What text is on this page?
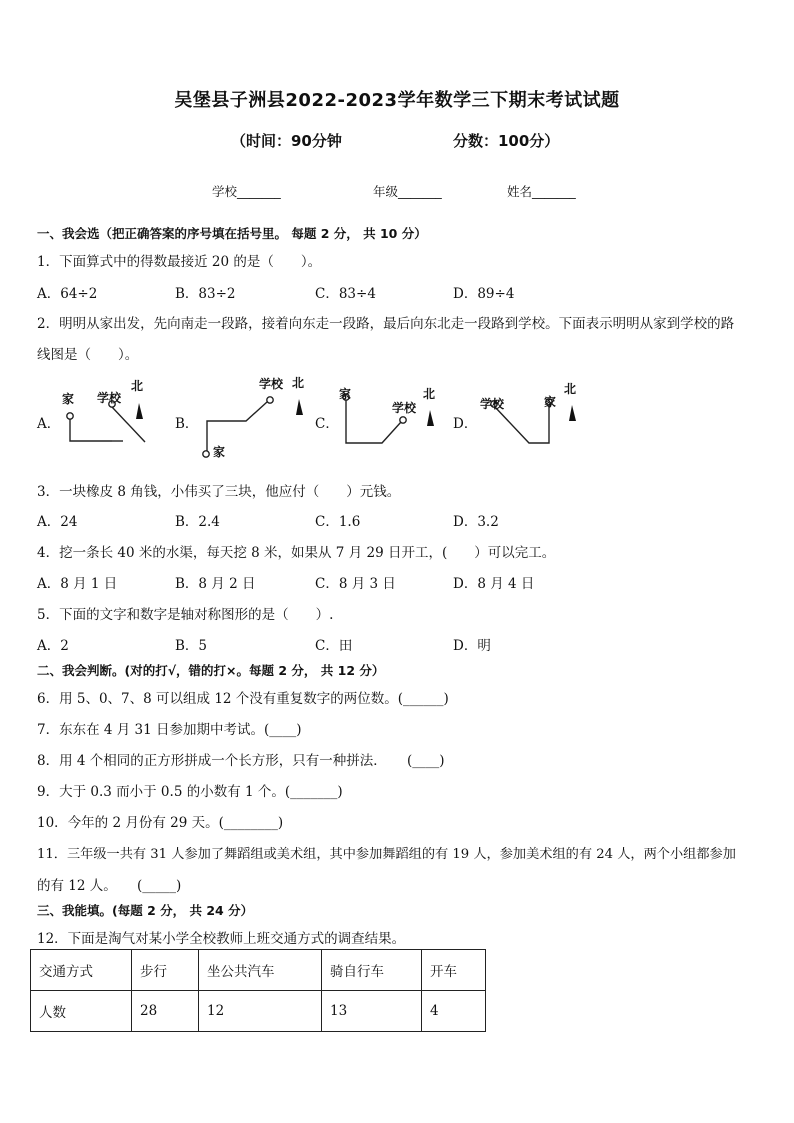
吴堡县子洲县2022-2023学年数学三下期末考试试题
（时间：90分钟	分数：100分）
学校_______	年级_______	姓名_______
一、我会选（把正确答案的序号填在括号里。 每题 2 分， 共 10 分）
1．下面算式中的得数最接近 20 的是（　　）。
A．64÷2	B．83÷2	C．83÷4	D．89÷4
2．明明从家出发，先向南走一段路，接着向东走一段路，最后向东北走一段路到学校。下面表示明明从家到学校的路
线图是（　　）。
A．	B．	C．	D．
家 学校
北
家
学校 北
家
学校
北
学校	家
北
3．一块橡皮 8 角钱，小伟买了三块，他应付（　　）元钱。
A．24	B．2.4	C．1.6	D．3.2
4．挖一条长 40 米的水渠，每天挖 8 米，如果从 7 月 29 日开工，(　　）可以完工。
A．8 月 1 日	B．8 月 2 日	C．8 月 3 日	D．8 月 4 日
5．下面的文字和数字是轴对称图形的是（　　）.
A．2	B．5	C．田	D．明
二、我会判断。(对的打√，错的打×。每题 2 分， 共 12 分）
6．用 5、0、7、8 可以组成 12 个没有重复数字的两位数。(______)
7．东东在 4 月 31 日参加期中考试。(____)
8．用 4 个相同的正方形拼成一个长方形，只有一种拼法．　　(____)
9．大于 0.3 而小于 0.5 的小数有 1 个。(_______)
10．今年的 2 月份有 29 天。(________)
11．三年级一共有 31 人参加了舞蹈组或美术组，其中参加舞蹈组的有 19 人，参加美术组的有 24 人，两个小组都参加
的有 12 人。　　(_____)
三、我能填。(每题 2 分， 共 24 分）
12．下面是淘气对某小学全校教师上班交通方式的调查结果。
交通方式	步行	坐公共汽车	骑自行车	开车
人数	28	12	13	4
